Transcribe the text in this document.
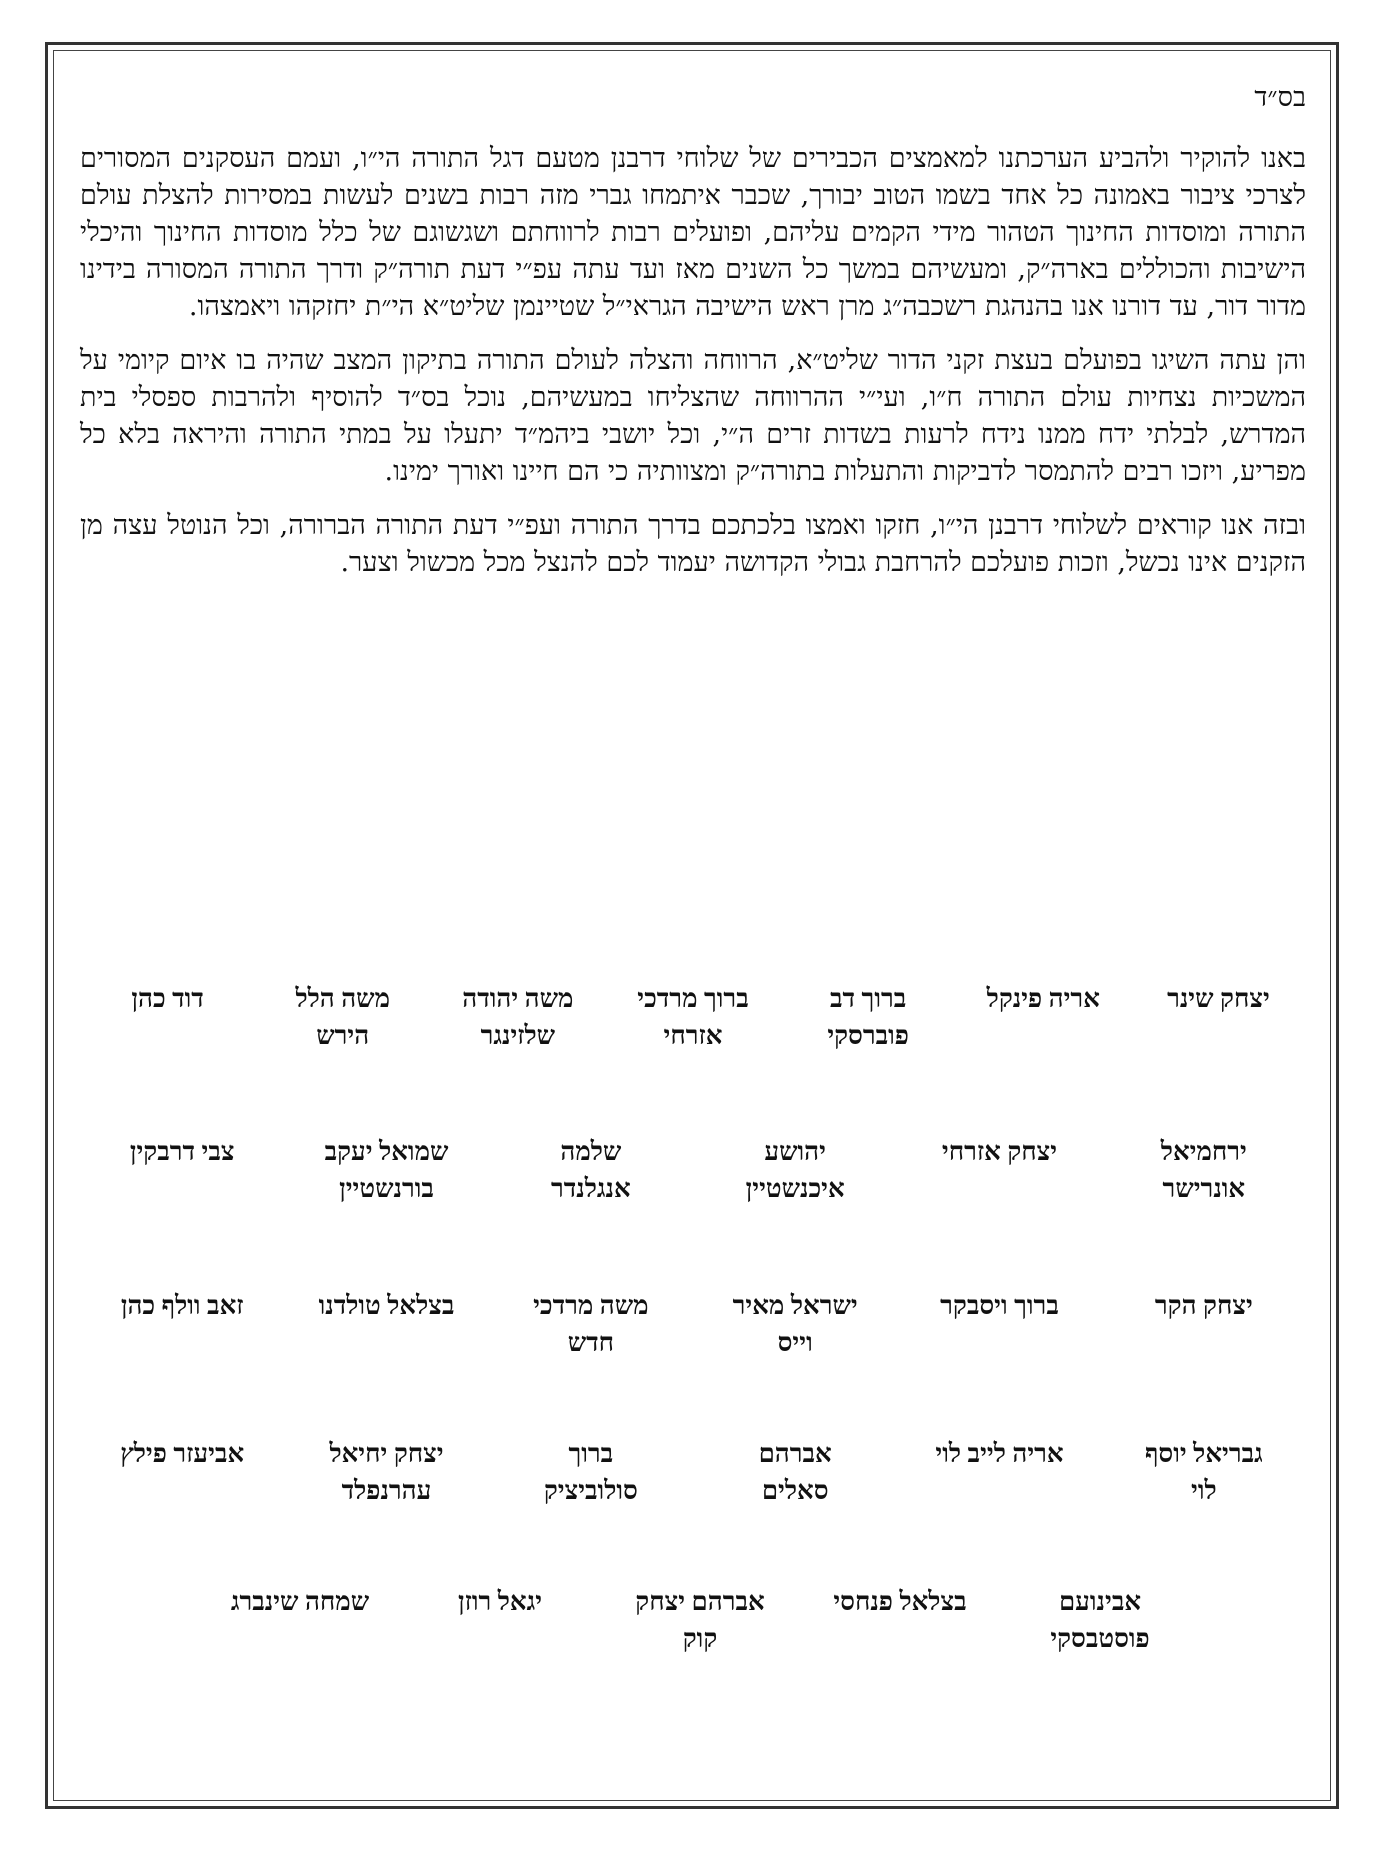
בס״ד

באנו להוקיר ולהביע הערכתנו למאמצים הכבירים של שלוחי דרבנן מטעם דגל התורה הי״ו, ועמם העסקנים המסורים לצרכי ציבור באמונה כל אחד בשמו הטוב יבורך, שכבר איתמחו גברי מזה רבות בשנים לעשות במסירות להצלת עולם התורה ומוסדות החינוך הטהור מידי הקמים עליהם, ופועלים רבות לרווחתם ושגשוגם של כלל מוסדות החינוך והיכלי הישיבות והכוללים בארה״ק, ומעשיהם במשך כל השנים מאז ועד עתה עפ״י דעת תורה״ק ודרך התורה המסורה בידינו מדור דור, עד דורנו אנו בהנהגת רשכבה״ג מרן ראש הישיבה הגראי״ל שטיינמן שליט״א הי״ת יחזקהו ויאמצהו.

והן עתה השיגו בפועלם בעצת זקני הדור שליט״א, הרווחה והצלה לעולם התורה בתיקון המצב שהיה בו איום קיומי על המשכיות נצחיות עולם התורה ח״ו, ועי״י ההרווחה שהצליחו במעשיהם, נוכל בס״ד להוסיף ולהרבות ספסלי בית המדרש, לבלתי ידח ממנו נידח לרעות בשדות זרים ה״י, וכל יושבי ביהמ״ד יתעלו על במתי התורה והיראה בלא כל מפריע, ויזכו רבים להתמסר לדביקות והתעלות בתורה״ק ומצוותיה כי הם חיינו ואורך ימינו.

ובזה אנו קוראים לשלוחי דרבנן הי״ו, חזקו ואמצו בלכתכם בדרך התורה ועפ״י דעת התורה הברורה, וכל הנוטל עצה מן הזקנים אינו נכשל, וזכות פועלכם להרחבת גבולי הקדושה יעמוד לכם להנצל מכל מכשול וצער.

יצחק שינר
אריה פינקל
ברוך דב
פוברסקי
ברוך מרדכי
אזרחי
משה יהודה
שלזינגר
משה הלל
הירש
דוד כהן
ירחמיאל
אונרישר
יצחק אזרחי
יהושע
איכנשטיין
שלמה
אנגלנדר
שמואל יעקב
בורנשטיין
צבי דרבקין
יצחק הקר
ברוך ויסבקר
ישראל מאיר
וייס
משה מרדכי
חדש
בצלאל טולדנו
זאב וולף כהן
גבריאל יוסף
לוי
אריה לייב לוי
אברהם
סאלים
ברוך
סולוביציק
יצחק יחיאל
עהרנפלד
אביעזר פילץ
אבינועם
פוסטבסקי
בצלאל פנחסי
אברהם יצחק
קוק
יגאל רוזן
שמחה שינברג
